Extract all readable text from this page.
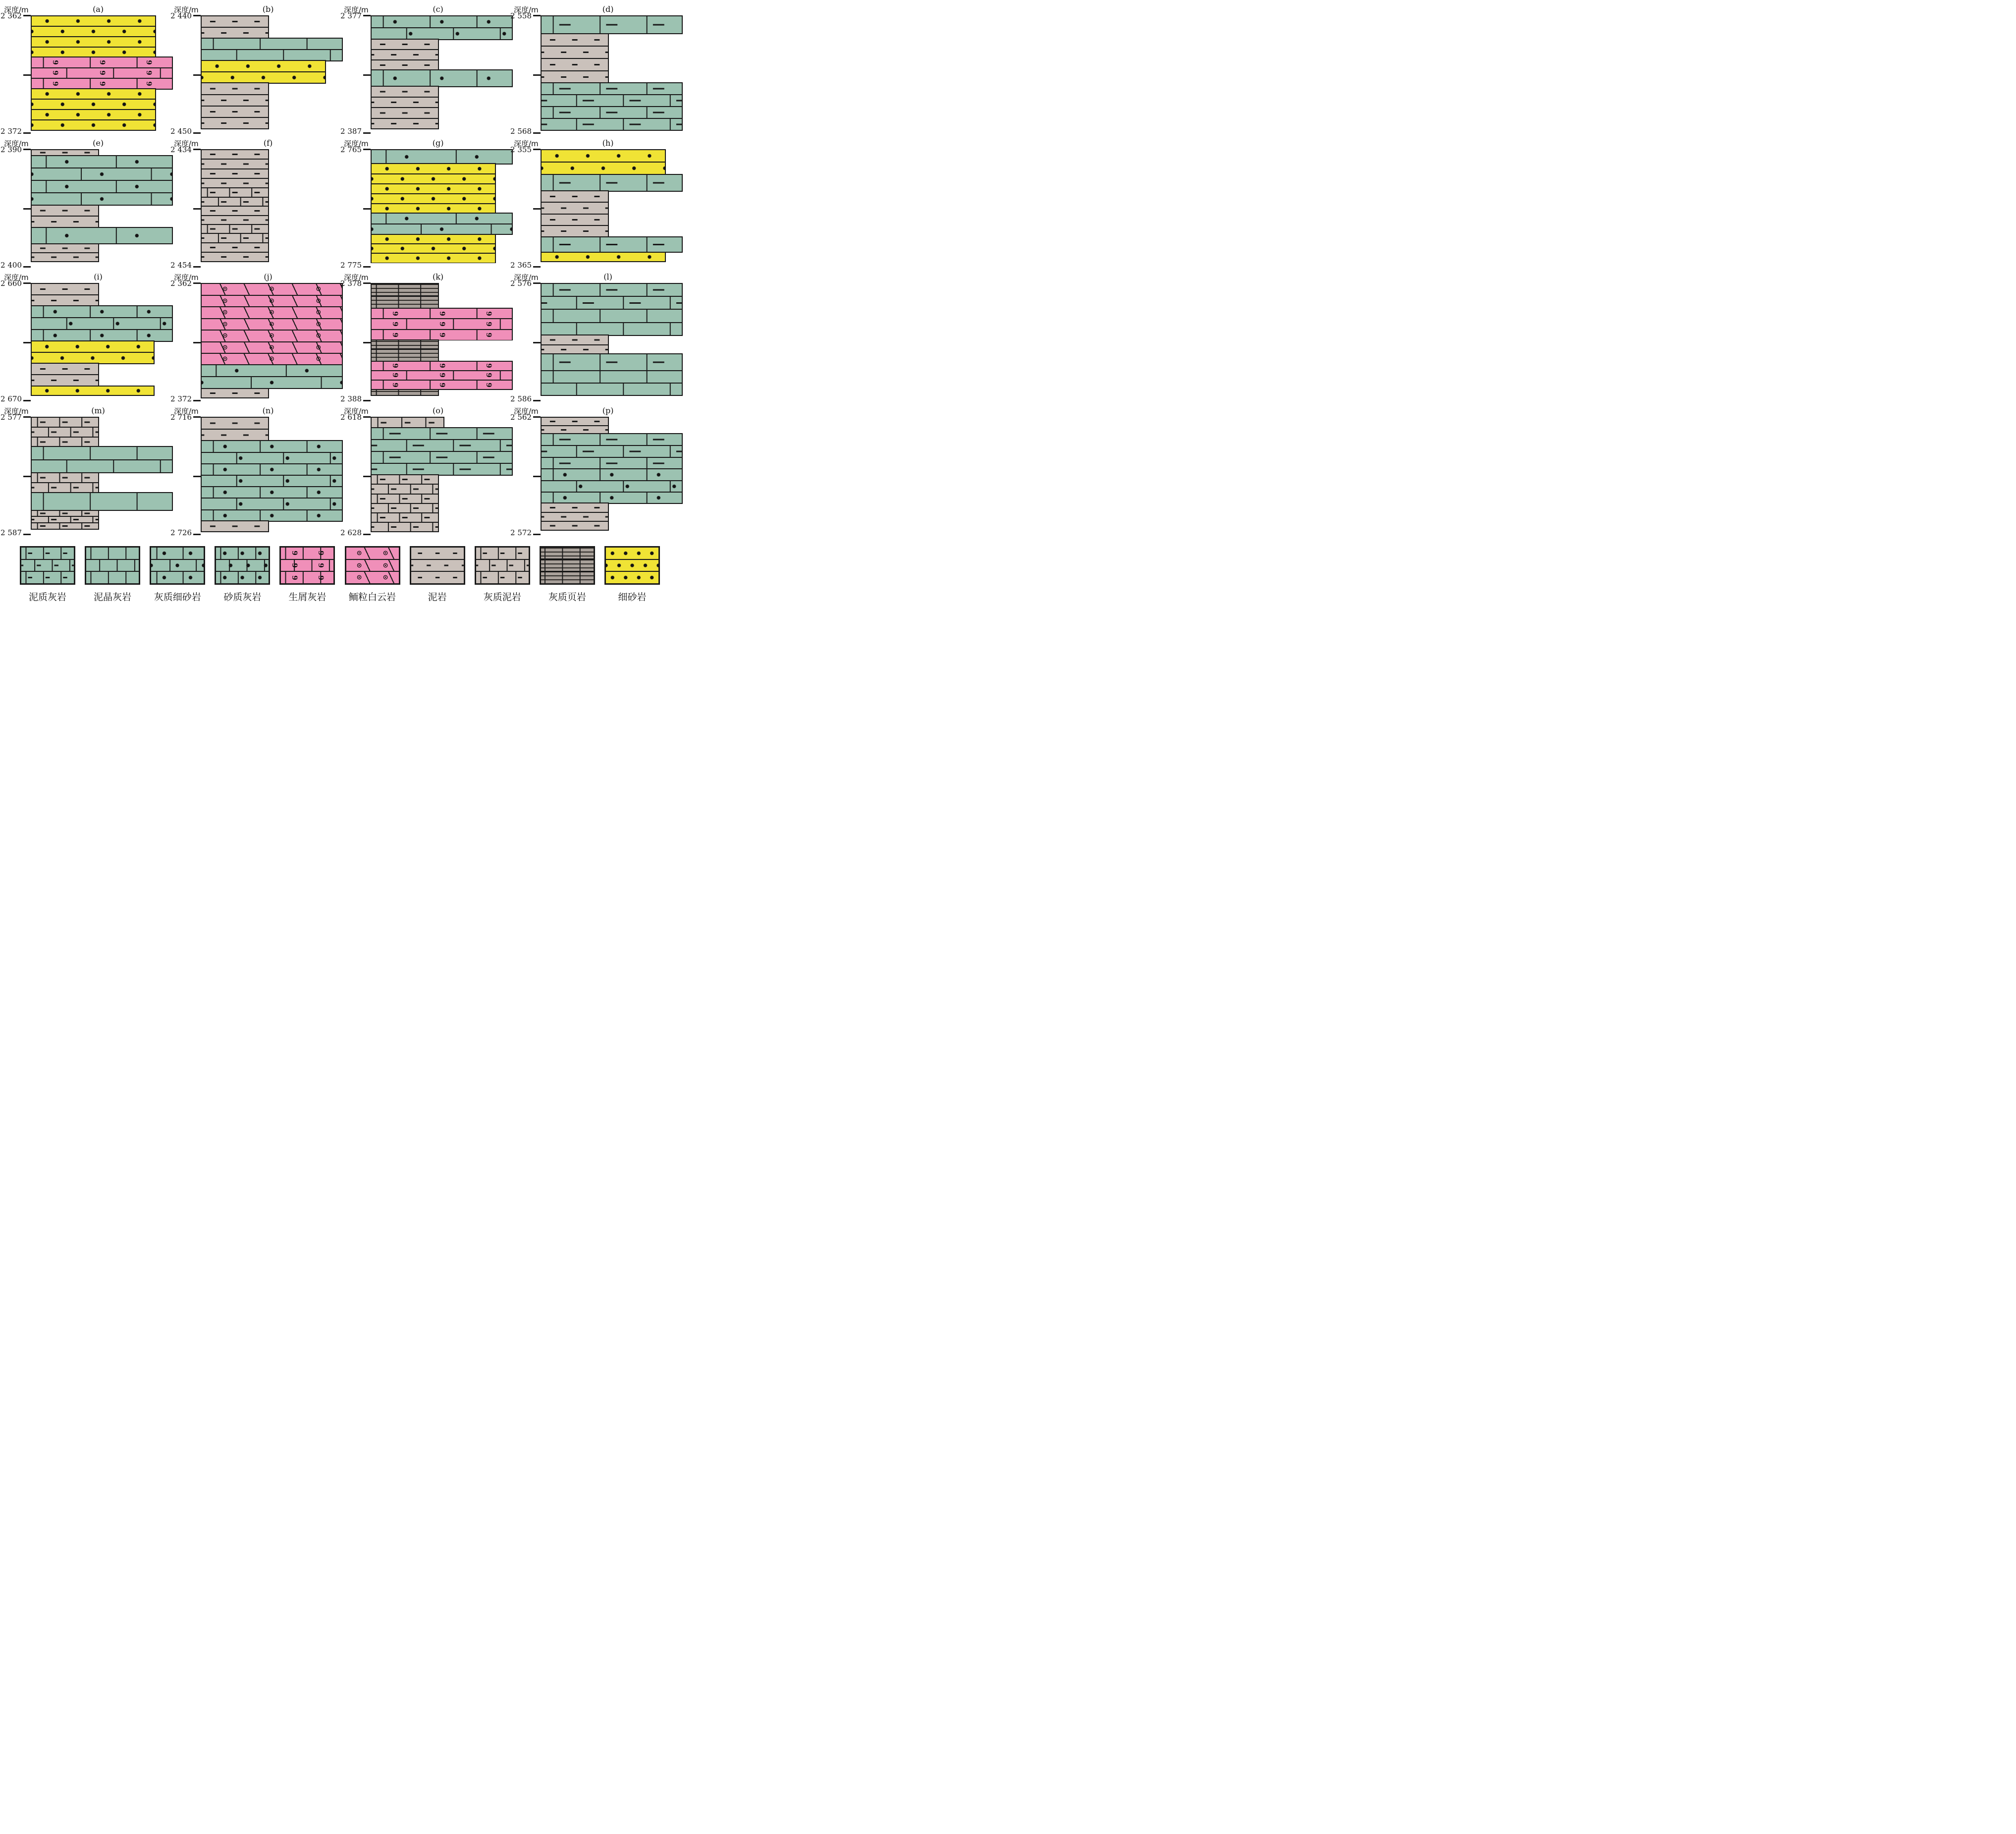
深度/m	(a)
2 362
2 372
9	9	9
9	9	9
9	9	9
深度/m	(b)
2 440
2 450
深度/m	(c)
2 377
2 387
深度/m	(d)
2 558
2 568
深度/m	(e)
2 390
2 400
深度/m	(f)
2 434
2 454
深度/m	(g)
2 765
2 775
深度/m	(h)
2 355
2 365
深度/m	(i)
2 660
2 670
深度/m	(j)
2 362
2 372
⊙	⊙	⊙
⊙	⊙	⊙
⊙	⊙	⊙
⊙	⊙	⊙
⊙	⊙	⊙
⊙	⊙	⊙
⊙	⊙	⊙
深度/m	(k)
2 378
2 388
9	9	9
9	9	9
9	9	9
9	9	9
9	9	9
9	9	9
深度/m	(l)
2 576
2 586
深度/m	(m)
2 577
2 587
深度/m	(n)
2 716
2 726
深度/m	(o)
2 618
2 628
深度/m	(p)
2 562
2 572
泥质灰岩	泥晶灰岩 灰质细砂岩 砂质灰岩
9	9
9	9
9	9
生屑灰岩
⊙	⊙
⊙	⊙
⊙	⊙
鲕粒白云岩	泥岩	灰质泥岩	灰质页岩	细砂岩
